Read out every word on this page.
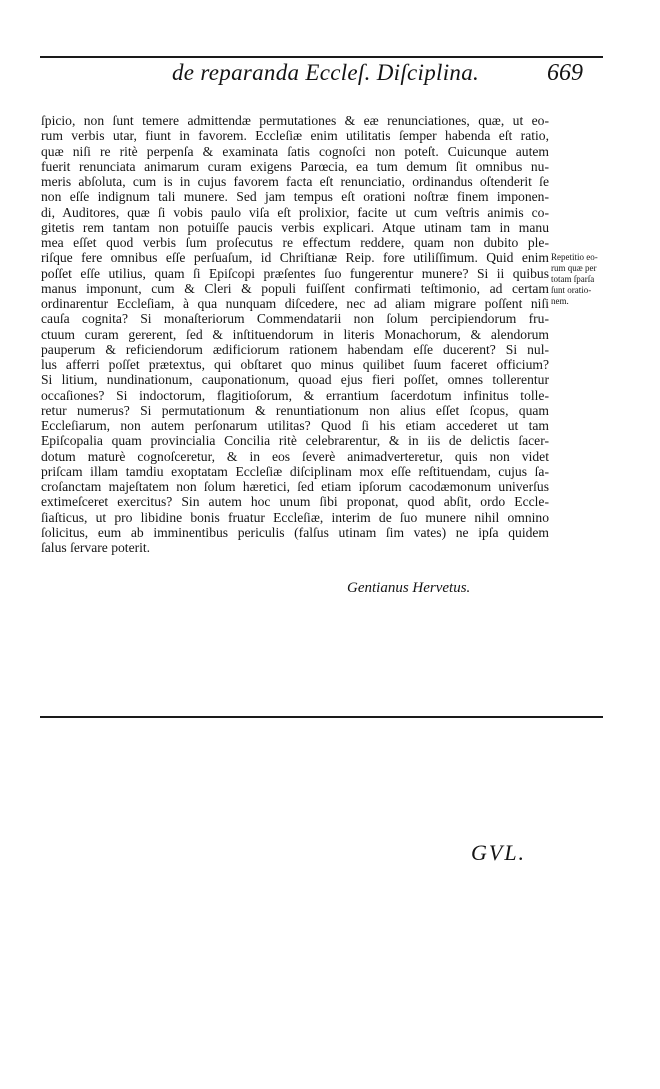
de reparanda Eccleſ. Diſciplina.	669
ſpicio, non ſunt temere admittendæ permutationes & eæ renunciationes, quæ, ut eo-
rum verbis utar, fiunt in favorem. Eccleſiæ enim utilitatis ſemper habenda eſt ratio,
quæ niſi re ritè perpenſa & examinata ſatis cognoſci non poteſt. Cuicunque autem
fuerit renunciata animarum curam exigens Parœcia, ea tum demum ſit omnibus nu-
meris abſoluta, cum is in cujus favorem facta eſt renunciatio, ordinandus oſtenderit ſe
non eſſe indignum tali munere. Sed jam tempus eſt orationi noſtræ finem imponen-
di, Auditores, quæ ſi vobis paulo viſa eſt prolixior, facite ut cum veſtris animis co-
gitetis rem tantam non potuiſſe paucis verbis explicari. Atque utinam tam in manu
mea eſſet quod verbis ſum proſecutus re effectum reddere, quam non dubito ple-
riſque fere omnibus eſſe perſuaſum, id Chriſtianæ Reip. fore utiliſſimum. Quid enim
poſſet eſſe utilius, quam ſi Epiſcopi præſentes ſuo fungerentur munere? Si ii quibus
manus imponunt, cum & Cleri & populi fuiſſent confirmati teſtimonio, ad certam
ordinarentur Eccleſiam, à qua nunquam diſcedere, nec ad aliam migrare poſſent niſi
cauſa cognita? Si monaſteriorum Commendatarii non ſolum percipiendorum fru-
ctuum curam gererent, ſed & inſtituendorum in literis Monachorum, & alendorum
pauperum & reficiendorum ædificiorum rationem habendam eſſe ducerent? Si nul-
lus afferri poſſet prætextus, qui obſtaret quo minus quilibet ſuum faceret officium?
Si litium, nundinationum, cauponationum, quoad ejus fieri poſſet, omnes tollerentur
occaſiones? Si indoctorum, flagitioſorum, & errantium ſacerdotum infinitus tolle-
retur numerus? Si permutationum & renuntiationum non alius eſſet ſcopus, quam
Eccleſiarum, non autem perſonarum utilitas? Quod ſi his etiam accederet ut tam
Epiſcopalia quam provincialia Concilia ritè celebrarentur, & in iis de delictis ſacer-
dotum maturè cognoſceretur, & in eos ſeverè animadverteretur, quis non videt
priſcam illam tamdiu exoptatam Eccleſiæ diſciplinam mox eſſe reſtituendam, cujus ſa-
croſanctam majeſtatem non ſolum hæretici, ſed etiam ipſorum cacodæmonum univerſus
extimeſceret exercitus? Sin autem hoc unum ſibi proponat, quod abſit, ordo Eccle-
ſiaſticus, ut pro libidine bonis fruatur Eccleſiæ, interim de ſuo munere nihil omnino
ſolicitus, eum ab imminentibus periculis (falſus utinam ſim vates) ne ipſa quidem
ſalus ſervare poterit.
Repetitio eo-
rum quæ per
totam ſparſa
ſunt oratio-
nem.
Gentianus Hervetus.
GVL.
